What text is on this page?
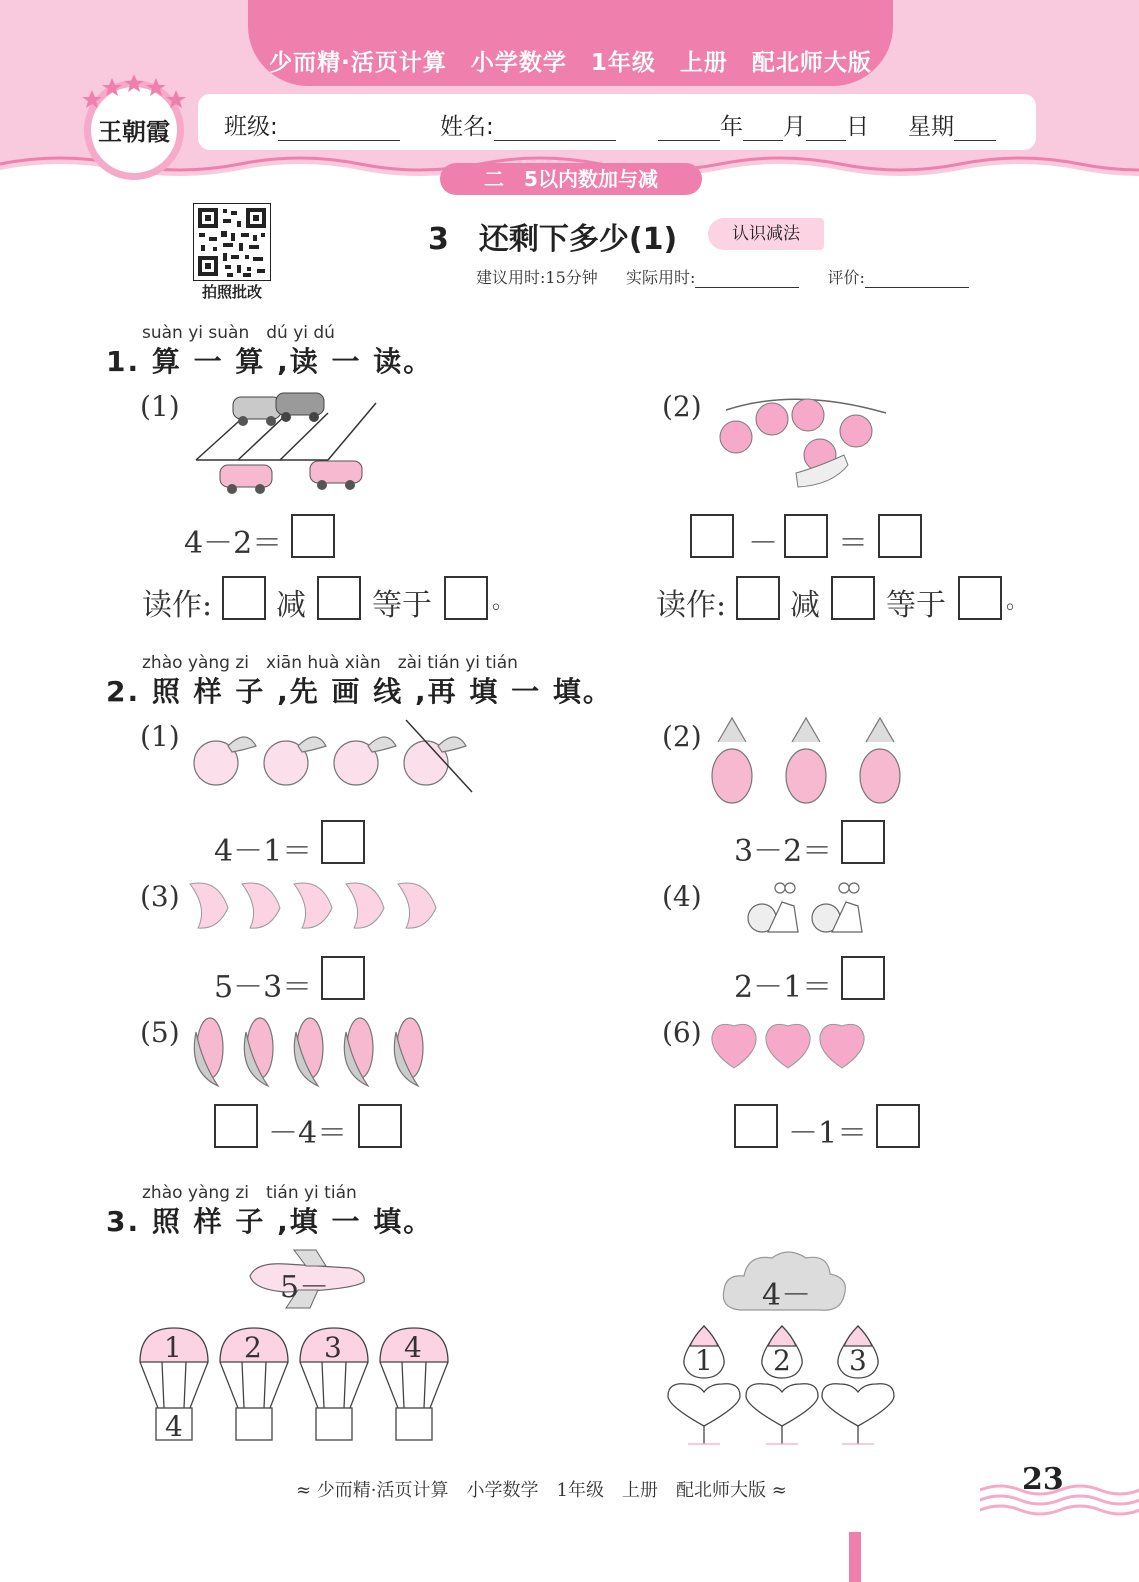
少而精·活页计算　小学数学　1年级　上册　配北师大版
班级:	姓名:	年 月 日 星期
二　5以内数加与减
王朝霞
拍照批改
3　还剩下多少(1)	认识减法
建议用时:15分钟 实际用时:	评价:
suàn yi suàn　dú yi dú
1. 算 一 算 ,读 一 读。
(1)
4－2＝
读作: 减 等于	。
(2)
－ ＝
读作: 减 等于	。
zhào yàng zi　xiān huà xiàn　zài tián yi tián
2. 照 样 子 ,先 画 线 ,再 填 一 填。
(1)
4－1＝
(2)
3－2＝
(3)
5－3＝
(4)
2－1＝
(5)
－4＝
(6)
－1＝
zhào yàng zi　tián yi tián
3. 照 样 子 ,填 一 填。
5－
1 2 3 4
4
4－
1 2 3
≈ 少而精·活页计算　小学数学　1年级　上册　配北师大版 ≈	23
